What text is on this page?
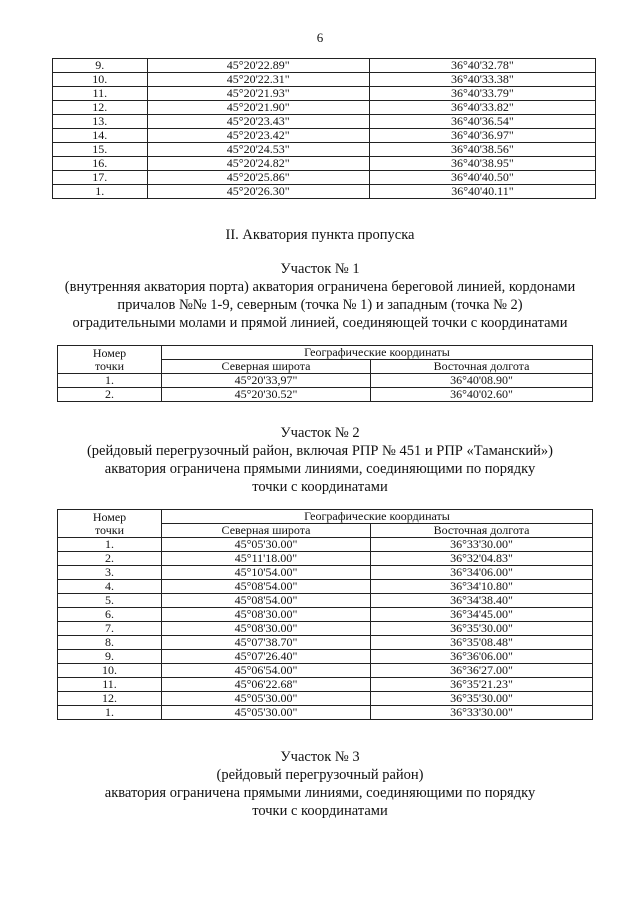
6
9.	45°20'22.89"	36°40'32.78"
10.	45°20'22.31"	36°40'33.38"
11.	45°20'21.93"	36°40'33.79"
12.	45°20'21.90"	36°40'33.82"
13.	45°20'23.43"	36°40'36.54"
14.	45°20'23.42"	36°40'36.97"
15.	45°20'24.53"	36°40'38.56"
16.	45°20'24.82"	36°40'38.95"
17.	45°20'25.86"	36°40'40.50"
1.	45°20'26.30"	36°40'40.11"
II. Акватория пункта пропуска
Участок № 1
(внутренняя акватория порта) акватория ограничена береговой линией, кордонами
причалов №№ 1-9, северным (точка № 1) и западным (точка № 2)
оградительными молами и прямой линией, соединяющей точки с координатами
Номер
точки	Географические координаты	
	Северная широта	Восточная долгота
1.	45°20'33,97"	36°40'08.90"
2.	45°20'30.52"	36°40'02.60"
Участок № 2
(рейдовый перегрузочный район, включая РПР № 451 и РПР «Таманский»)
акватория ограничена прямыми линиями, соединяющими по порядку
точки с координатами
Номер
точки	Географические координаты	
	Северная широта	Восточная долгота
1.	45°05'30.00"	36°33'30.00"
2.	45°11'18.00"	36°32'04.83"
3.	45°10'54.00"	36°34'06.00"
4.	45°08'54.00"	36°34'10.80"
5.	45°08'54.00"	36°34'38.40"
6.	45°08'30.00"	36°34'45.00"
7.	45°08'30.00"	36°35'30.00"
8.	45°07'38.70"	36°35'08.48"
9.	45°07'26.40"	36°36'06.00"
10.	45°06'54.00"	36°36'27.00"
11.	45°06'22.68"	36°35'21.23"
12.	45°05'30.00"	36°35'30.00"
1.	45°05'30.00"	36°33'30.00"
Участок № 3
(рейдовый перегрузочный район)
акватория ограничена прямыми линиями, соединяющими по порядку
точки с координатами
